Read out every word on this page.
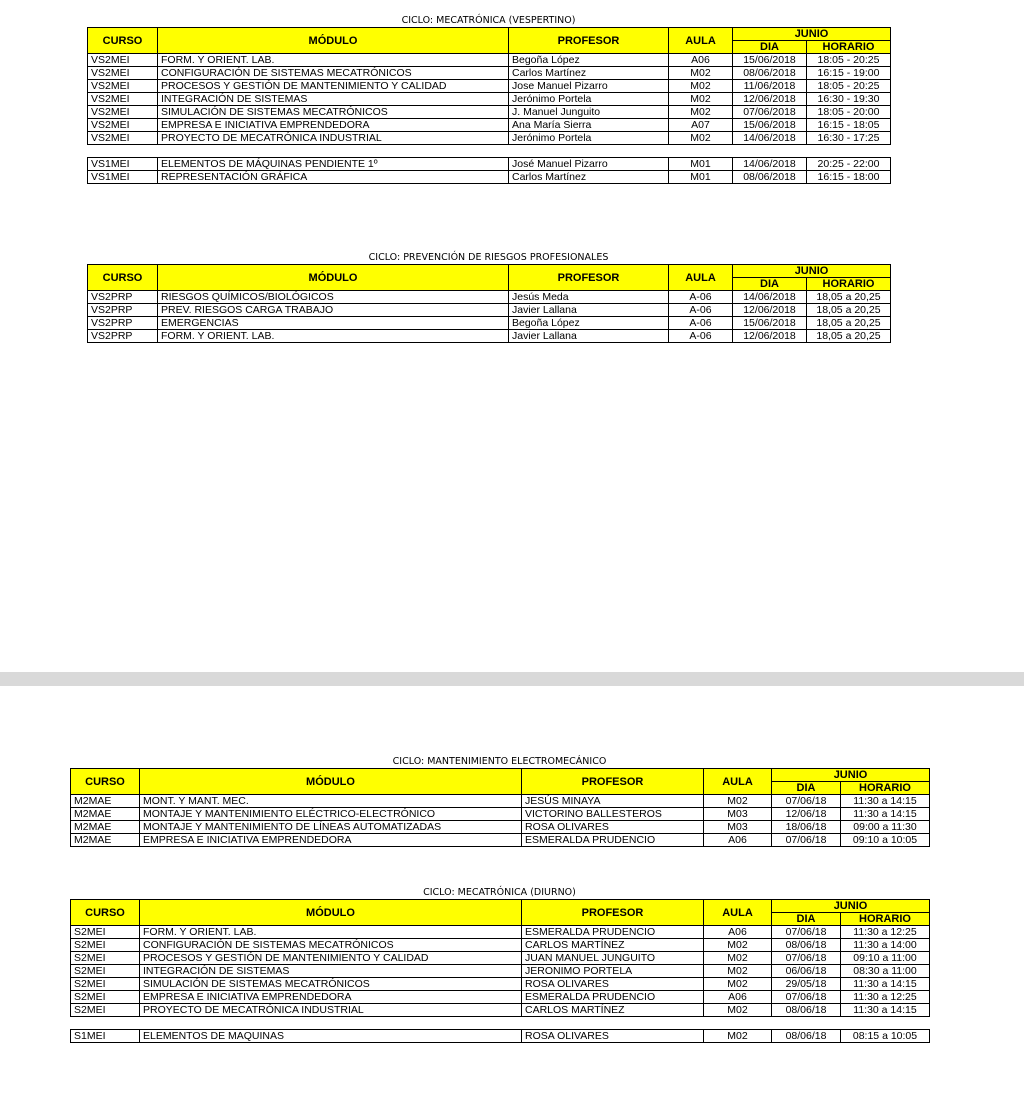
CICLO: MECATRÓNICA (VESPERTINO)
CURSO	MÓDULO	PROFESOR	AULA	JUNIO	
				DIA	HORARIO
VS2MEI	FORM. Y ORIENT. LAB.	Begoña López	A06	15/06/2018	18:05 - 20:25
VS2MEI	CONFIGURACIÓN DE SISTEMAS MECATRÓNICOS	Carlos Martínez	M02	08/06/2018	16:15 - 19:00
VS2MEI	PROCESOS Y GESTIÓN DE MANTENIMIENTO Y CALIDAD	Jose Manuel Pizarro	M02	11/06/2018	18:05 - 20:25
VS2MEI	INTEGRACIÓN DE SISTEMAS	Jerónimo Portela	M02	12/06/2018	16:30 - 19:30
VS2MEI	SIMULACIÓN DE SISTEMAS MECATRÓNICOS	J. Manuel Junguito	M02	07/06/2018	18:05 - 20:00
VS2MEI	EMPRESA E INICIATIVA EMPRENDEDORA	Ana María Sierra	A07	15/06/2018	16:15 - 18:05
VS2MEI	PROYECTO DE MECATRÓNICA INDUSTRIAL	Jerónimo Portela	M02	14/06/2018	16:30 - 17:25

VS1MEI	ELEMENTOS DE MÁQUINAS PENDIENTE 1º	José Manuel Pizarro	M01	14/06/2018	20:25 - 22:00
VS1MEI	REPRESENTACIÓN GRÁFICA	Carlos Martínez	M01	08/06/2018	16:15 - 18:00
CICLO: PREVENCIÓN DE RIESGOS PROFESIONALES
CURSO	MÓDULO	PROFESOR	AULA	JUNIO	
				DIA	HORARIO
VS2PRP	RIESGOS QUÍMICOS/BIOLÓGICOS	Jesús Meda	A-06	14/06/2018	18,05 a 20,25
VS2PRP	PREV. RIESGOS CARGA TRABAJO	Javier Lallana	A-06	12/06/2018	18,05 a 20,25
VS2PRP	EMERGENCIAS	Begoña López	A-06	15/06/2018	18,05 a 20,25
VS2PRP	FORM. Y ORIENT. LAB.	Javier Lallana	A-06	12/06/2018	18,05 a 20,25
CICLO: MANTENIMIENTO ELECTROMECÁNICO
CURSO	MÓDULO	PROFESOR	AULA	JUNIO	
				DIA	HORARIO
M2MAE	MONT. Y MANT. MEC.	JESÚS MINAYA	M02	07/06/18	11:30 a 14:15
M2MAE	MONTAJE Y MANTENIMIENTO ELÉCTRICO-ELECTRÓNICO	VICTORINO BALLESTEROS	M03	12/06/18	11:30 a 14:15
M2MAE	MONTAJE Y MANTENIMIENTO DE LÍNEAS AUTOMATIZADAS	ROSA OLIVARES	M03	18/06/18	09:00 a 11:30
M2MAE	EMPRESA E INICIATIVA EMPRENDEDORA	ESMERALDA PRUDENCIO	A06	07/06/18	09:10 a 10:05
CICLO: MECATRÓNICA (DIURNO)
CURSO	MÓDULO	PROFESOR	AULA	JUNIO	
				DIA	HORARIO
S2MEI	FORM. Y ORIENT. LAB.	ESMERALDA PRUDENCIO	A06	07/06/18	11:30 a 12:25
S2MEI	CONFIGURACIÓN DE SISTEMAS MECATRÓNICOS	CARLOS MARTÍNEZ	M02	08/06/18	11:30 a 14:00
S2MEI	PROCESOS Y GESTIÓN DE MANTENIMIENTO Y CALIDAD	JUAN MANUEL JUNGUITO	M02	07/06/18	09:10 a 11:00
S2MEI	INTEGRACIÓN DE SISTEMAS	JERONIMO PORTELA	M02	06/06/18	08:30 a 11:00
S2MEI	SIMULACIÓN DE SISTEMAS MECATRÓNICOS	ROSA OLIVARES	M02	29/05/18	11:30 a 14:15
S2MEI	EMPRESA E INICIATIVA EMPRENDEDORA	ESMERALDA PRUDENCIO	A06	07/06/18	11:30 a 12:25
S2MEI	PROYECTO DE MECATRÓNICA INDUSTRIAL	CARLOS MARTÍNEZ	M02	08/06/18	11:30 a 14:15

S1MEI	ELEMENTOS DE MAQUINAS	ROSA OLIVARES	M02	08/06/18	08:15 a 10:05
